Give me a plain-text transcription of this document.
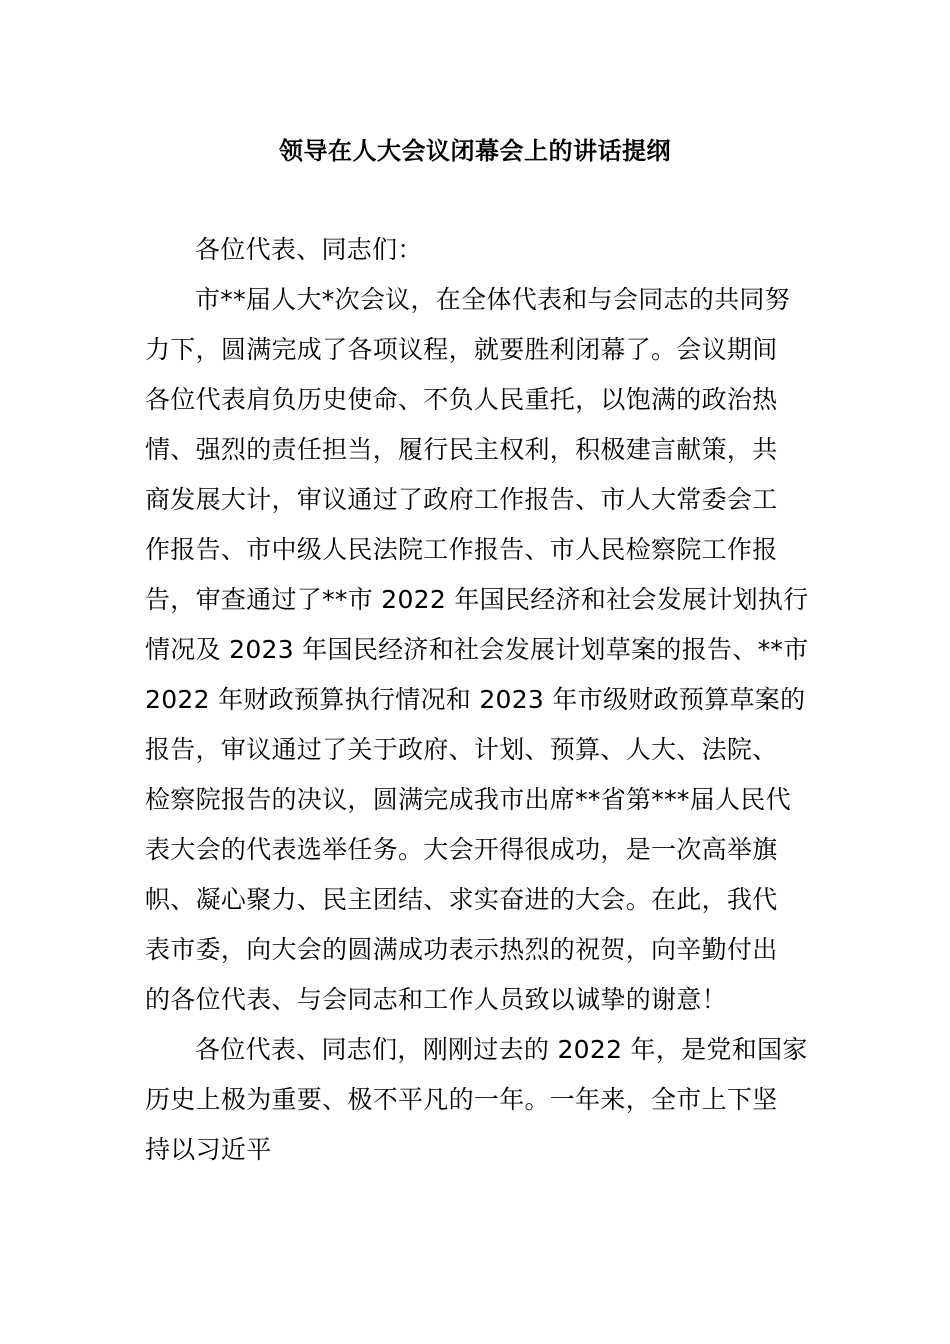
领导在人大会议闭幕会上的讲话提纲
各位代表、同志们：
市**届人大*次会议，在全体代表和与会同志的共同努
力下，圆满完成了各项议程，就要胜利闭幕了。会议期间
各位代表肩负历史使命、不负人民重托，以饱满的政治热
情、强烈的责任担当，履行民主权利，积极建言献策，共
商发展大计，审议通过了政府工作报告、市人大常委会工
作报告、市中级人民法院工作报告、市人民检察院工作报
告，审查通过了**市 2022 年国民经济和社会发展计划执行
情况及 2023 年国民经济和社会发展计划草案的报告、**市
2022 年财政预算执行情况和 2023 年市级财政预算草案的
报告，审议通过了关于政府、计划、预算、人大、法院、
检察院报告的决议，圆满完成我市出席**省第***届人民代
表大会的代表选举任务。大会开得很成功，是一次高举旗
帜、凝心聚力、民主团结、求实奋进的大会。在此，我代
表市委，向大会的圆满成功表示热烈的祝贺，向辛勤付出
的各位代表、与会同志和工作人员致以诚挚的谢意！
各位代表、同志们，刚刚过去的 2022 年，是党和国家
历史上极为重要、极不平凡的一年。一年来，全市上下坚
持以习近平
